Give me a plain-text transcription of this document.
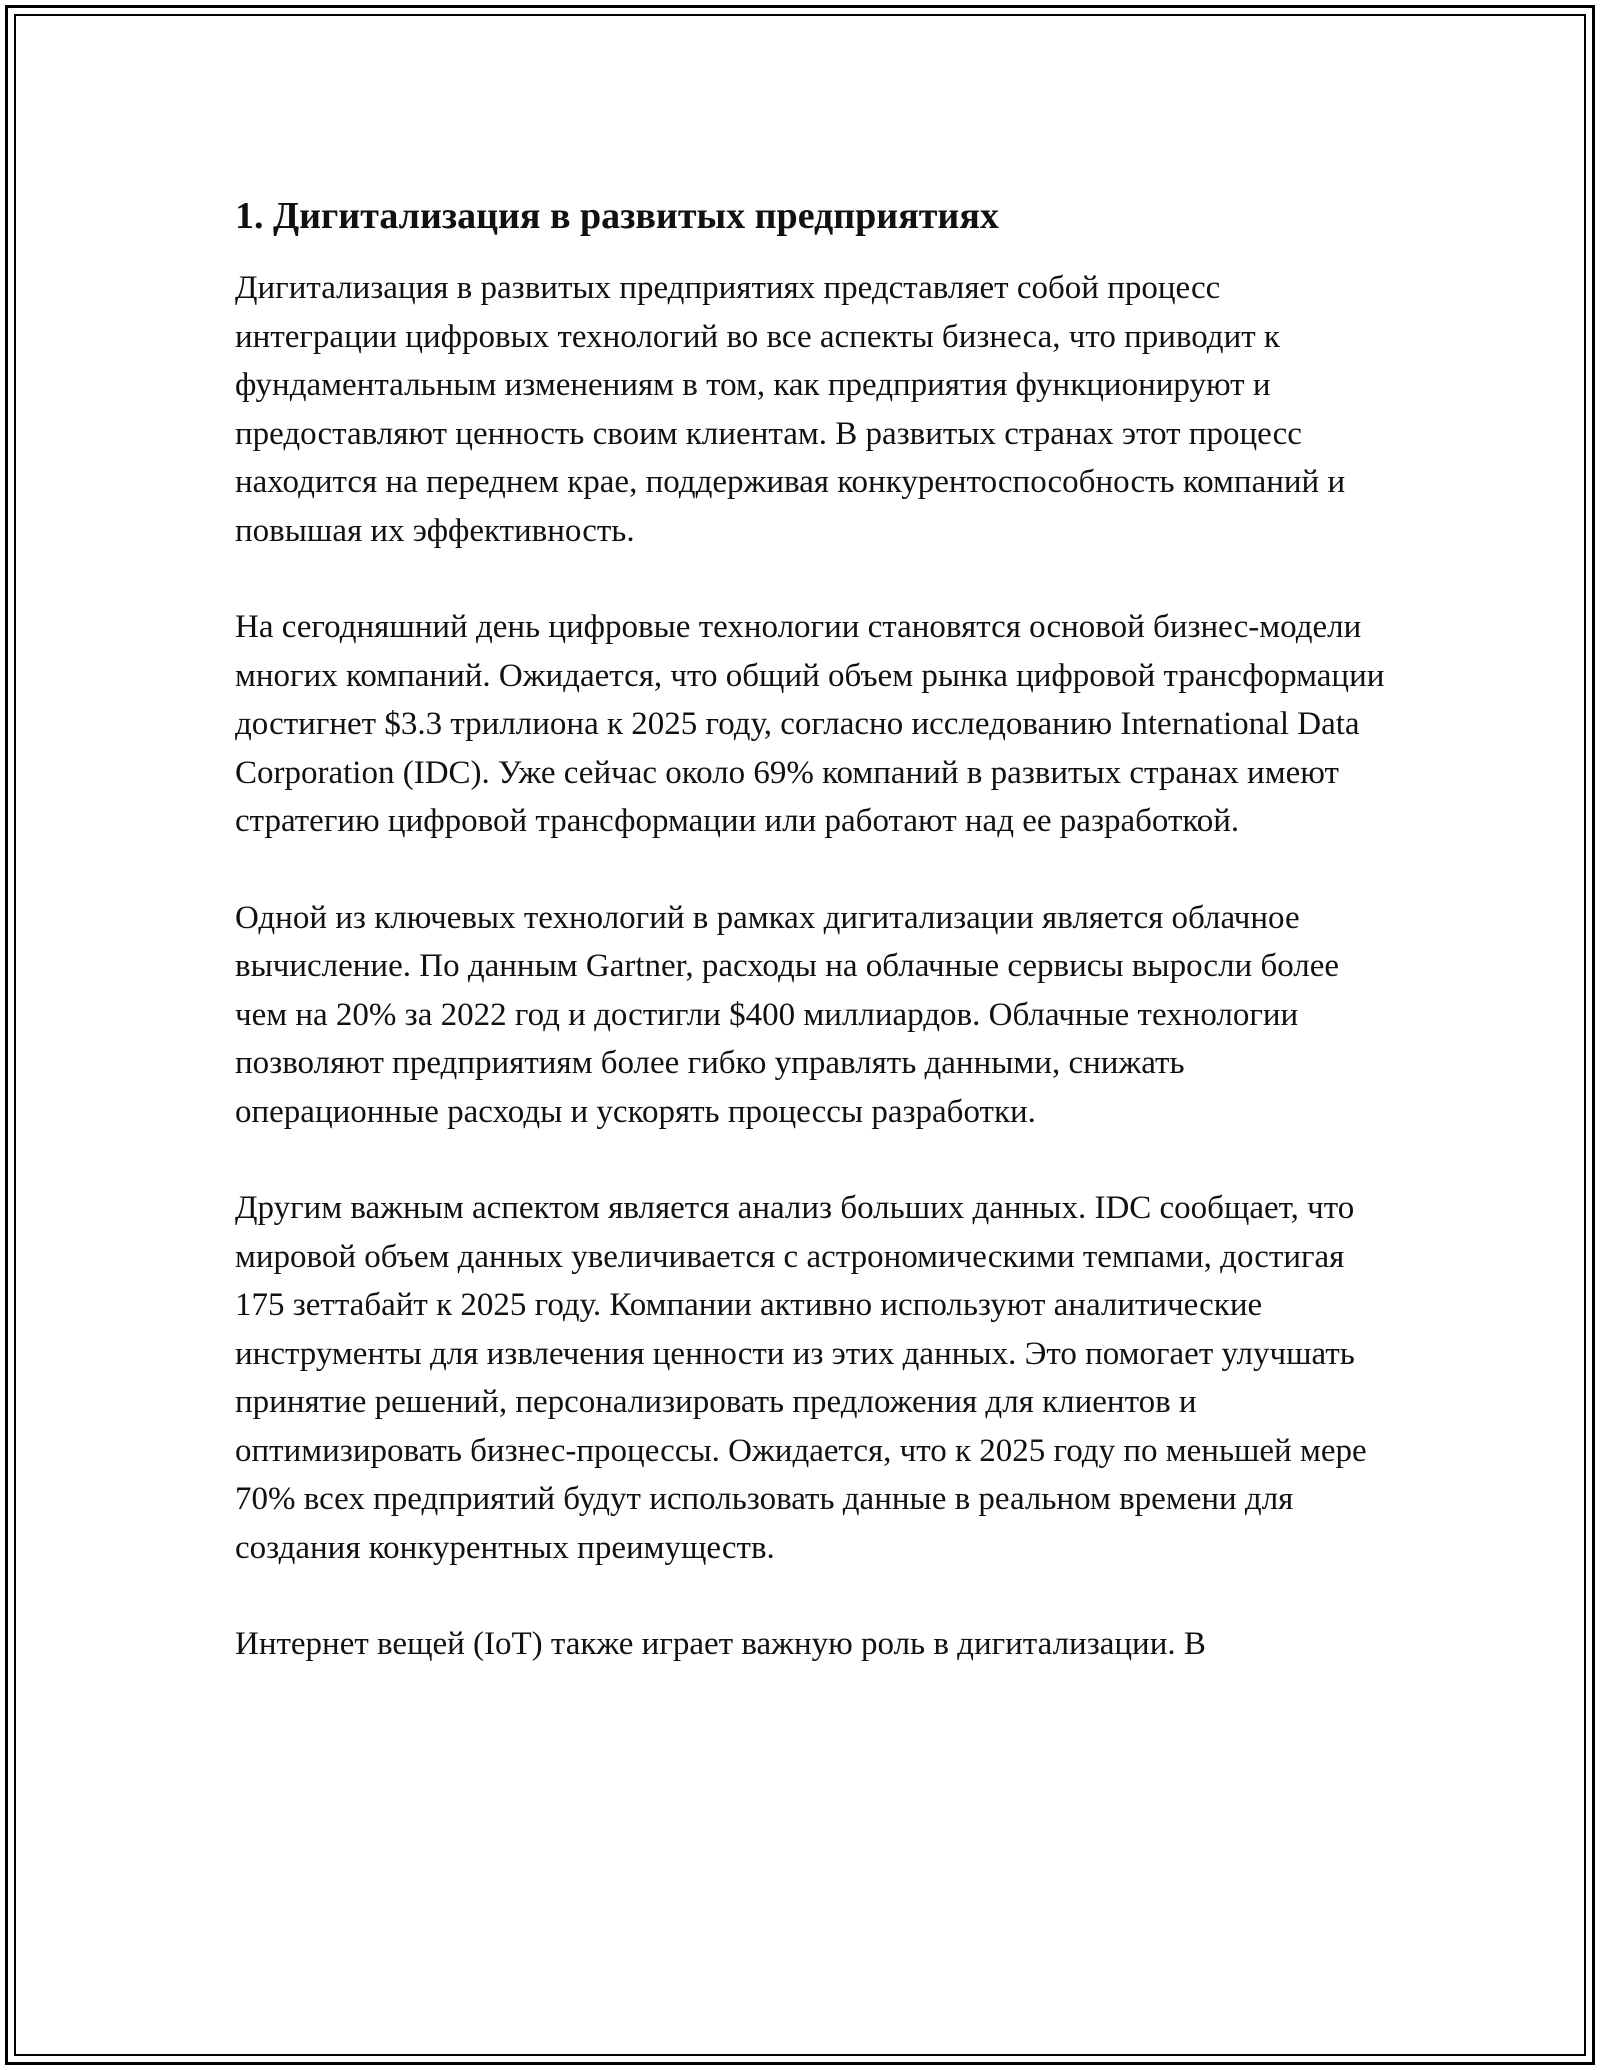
1. Дигитализация в развитых предприятиях

Дигитализация в развитых предприятиях представляет собой процесс интеграции цифровых технологий во все аспекты бизнеса, что приводит к фундаментальным изменениям в том, как предприятия функционируют и предоставляют ценность своим клиентам. В развитых странах этот процесс находится на переднем крае, поддерживая конкурентоспособность компаний и повышая их эффективность.

На сегодняшний день цифровые технологии становятся основой бизнес-модели многих компаний. Ожидается, что общий объем рынка цифровой трансформации достигнет $3.3 триллиона к 2025 году, согласно исследованию International Data Corporation (IDC). Уже сейчас около 69% компаний в развитых странах имеют стратегию цифровой трансформации или работают над ее разработкой.

Одной из ключевых технологий в рамках дигитализации является облачное вычисление. По данным Gartner, расходы на облачные сервисы выросли более чем на 20% за 2022 год и достигли $400 миллиардов. Облачные технологии позволяют предприятиям более гибко управлять данными, снижать операционные расходы и ускорять процессы разработки.

Другим важным аспектом является анализ больших данных. IDC сообщает, что мировой объем данных увеличивается с астрономическими темпами, достигая 175 зеттабайт к 2025 году. Компании активно используют аналитические инструменты для извлечения ценности из этих данных. Это помогает улучшать принятие решений, персонализировать предложения для клиентов и оптимизировать бизнес-процессы. Ожидается, что к 2025 году по меньшей мере 70% всех предприятий будут использовать данные в реальном времени для создания конкурентных преимуществ.

Интернет вещей (IoT) также играет важную роль в дигитализации. В
